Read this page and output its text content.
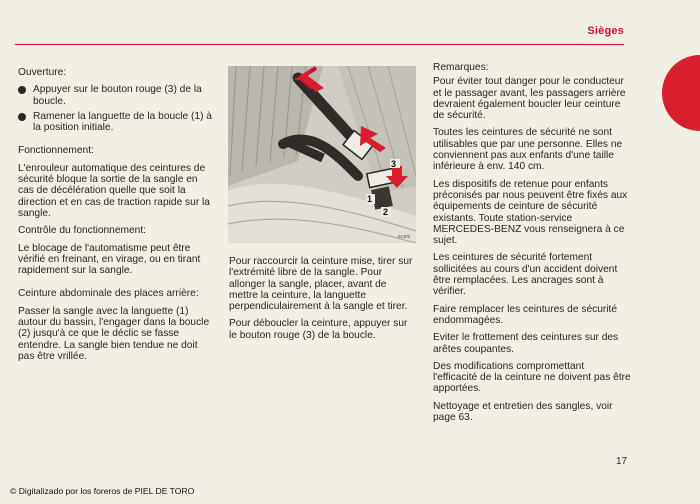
Sièges

Ouverture:

Appuyer sur le bouton rouge (3) de la boucle.
Ramener la languette de la boucle (1) à la position initiale.

Fonctionnement:

L'enrouleur automatique des ceintures de sécurité bloque la sortie de la sangle en cas de décélération quelle que soit la direction et en cas de traction rapide sur la sangle.

Contrôle du fonctionnement:

Le blocage de l'automatisme peut être vérifié en freinant, en virage, ou en tirant rapidement sur la sangle.

Ceinture abdominale des places arrière:

Passer la sangle avec la languette (1) autour du bassin, l'engager dans la boucle (2) jusqu'à ce que le déclic se fasse entendre. La sangle bien tendue ne doit pas être vrillée.

3
1
2
5C8/6

Pour raccourcir la ceinture mise, tirer sur l'extrémité libre de la sangle. Pour allonger la sangle, placer, avant de mettre la ceinture, la languette perpendiculairement à la sangle et tirer.

Pour déboucler la ceinture, appuyer sur le bouton rouge (3) de la boucle.

Remarques:

Pour éviter tout danger pour le conducteur et le passager avant, les passagers arrière devraient également boucler leur ceinture de sécurité.

Toutes les ceintures de sécurité ne sont utilisables que par une personne. Elles ne conviennent pas aux enfants d'une taille inférieure à env. 140 cm.

Les dispositifs de retenue pour enfants préconisés par nous peuvent être fixés aux équipements de ceinture de sécurité existants. Toute station-service MERCEDES-BENZ vous renseignera à ce sujet.

Les ceintures de sécurité fortement sollicitées au cours d'un accident doivent être remplacées. Les ancrages sont à vérifier.

Faire remplacer les ceintures de sécurité endommagées.

Eviter le frottement des ceintures sur des arêtes coupantes.

Des modifications compromettant l'efficacité de la ceinture ne doivent pas être apportées.

Nettoyage et entretien des sangles, voir page 63.

17
© Digitalizado por los foreros de PIEL DE TORO
